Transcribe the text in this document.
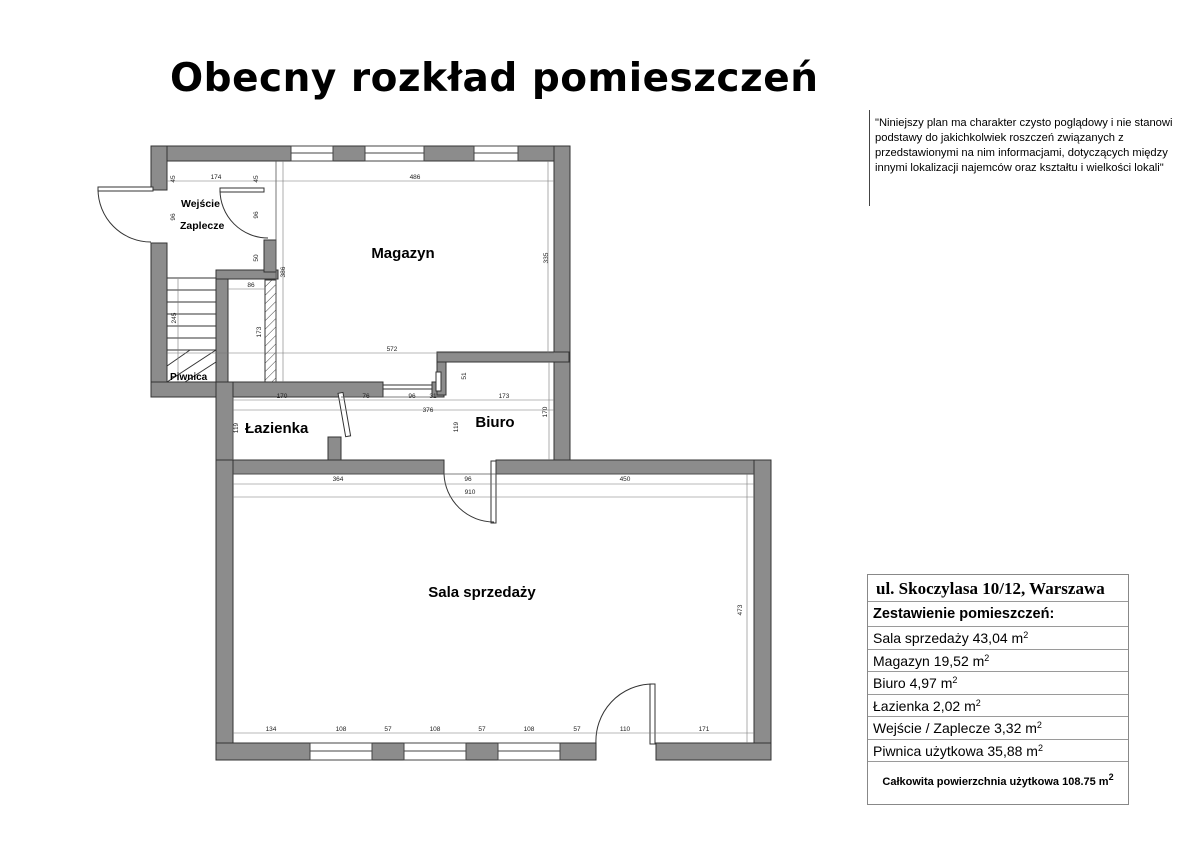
Obecny rozkład pomieszczeń
"Niniejszy plan ma charakter czysto poglądowy i nie stanowi podstawy do jakichkolwiek roszczeń związanych z przedstawionymi na nim informacjami, dotyczących między innymi lokalizacji najemców oraz kształtu i wielkości lokali"
Magazyn
Wejście
Zaplecze
Piwnica
Łazienka	Biuro
Sala sprzedaży
45	174	45	486
96	96
50
386
335
86
173
245
572
51
170	76	96 31	173
376
119	119
170
364	96	450
910
473
134	108	57	108	57	108	57	110	171
ul. Skoczylasa 10/12, Warszawa
Zestawienie pomieszczeń:
Sala sprzedaży 43,04 $m^2$
Magazyn 19,52 $m^2$
Biuro 4,97 $m^2$
Łazienka 2,02 $m^2$
Wejście / Zaplecze 3,32 $m^2$
Piwnica użytkowa 35,88 $m^2$
Całkowita powierzchnia użytkowa 108.75 $m^2$
